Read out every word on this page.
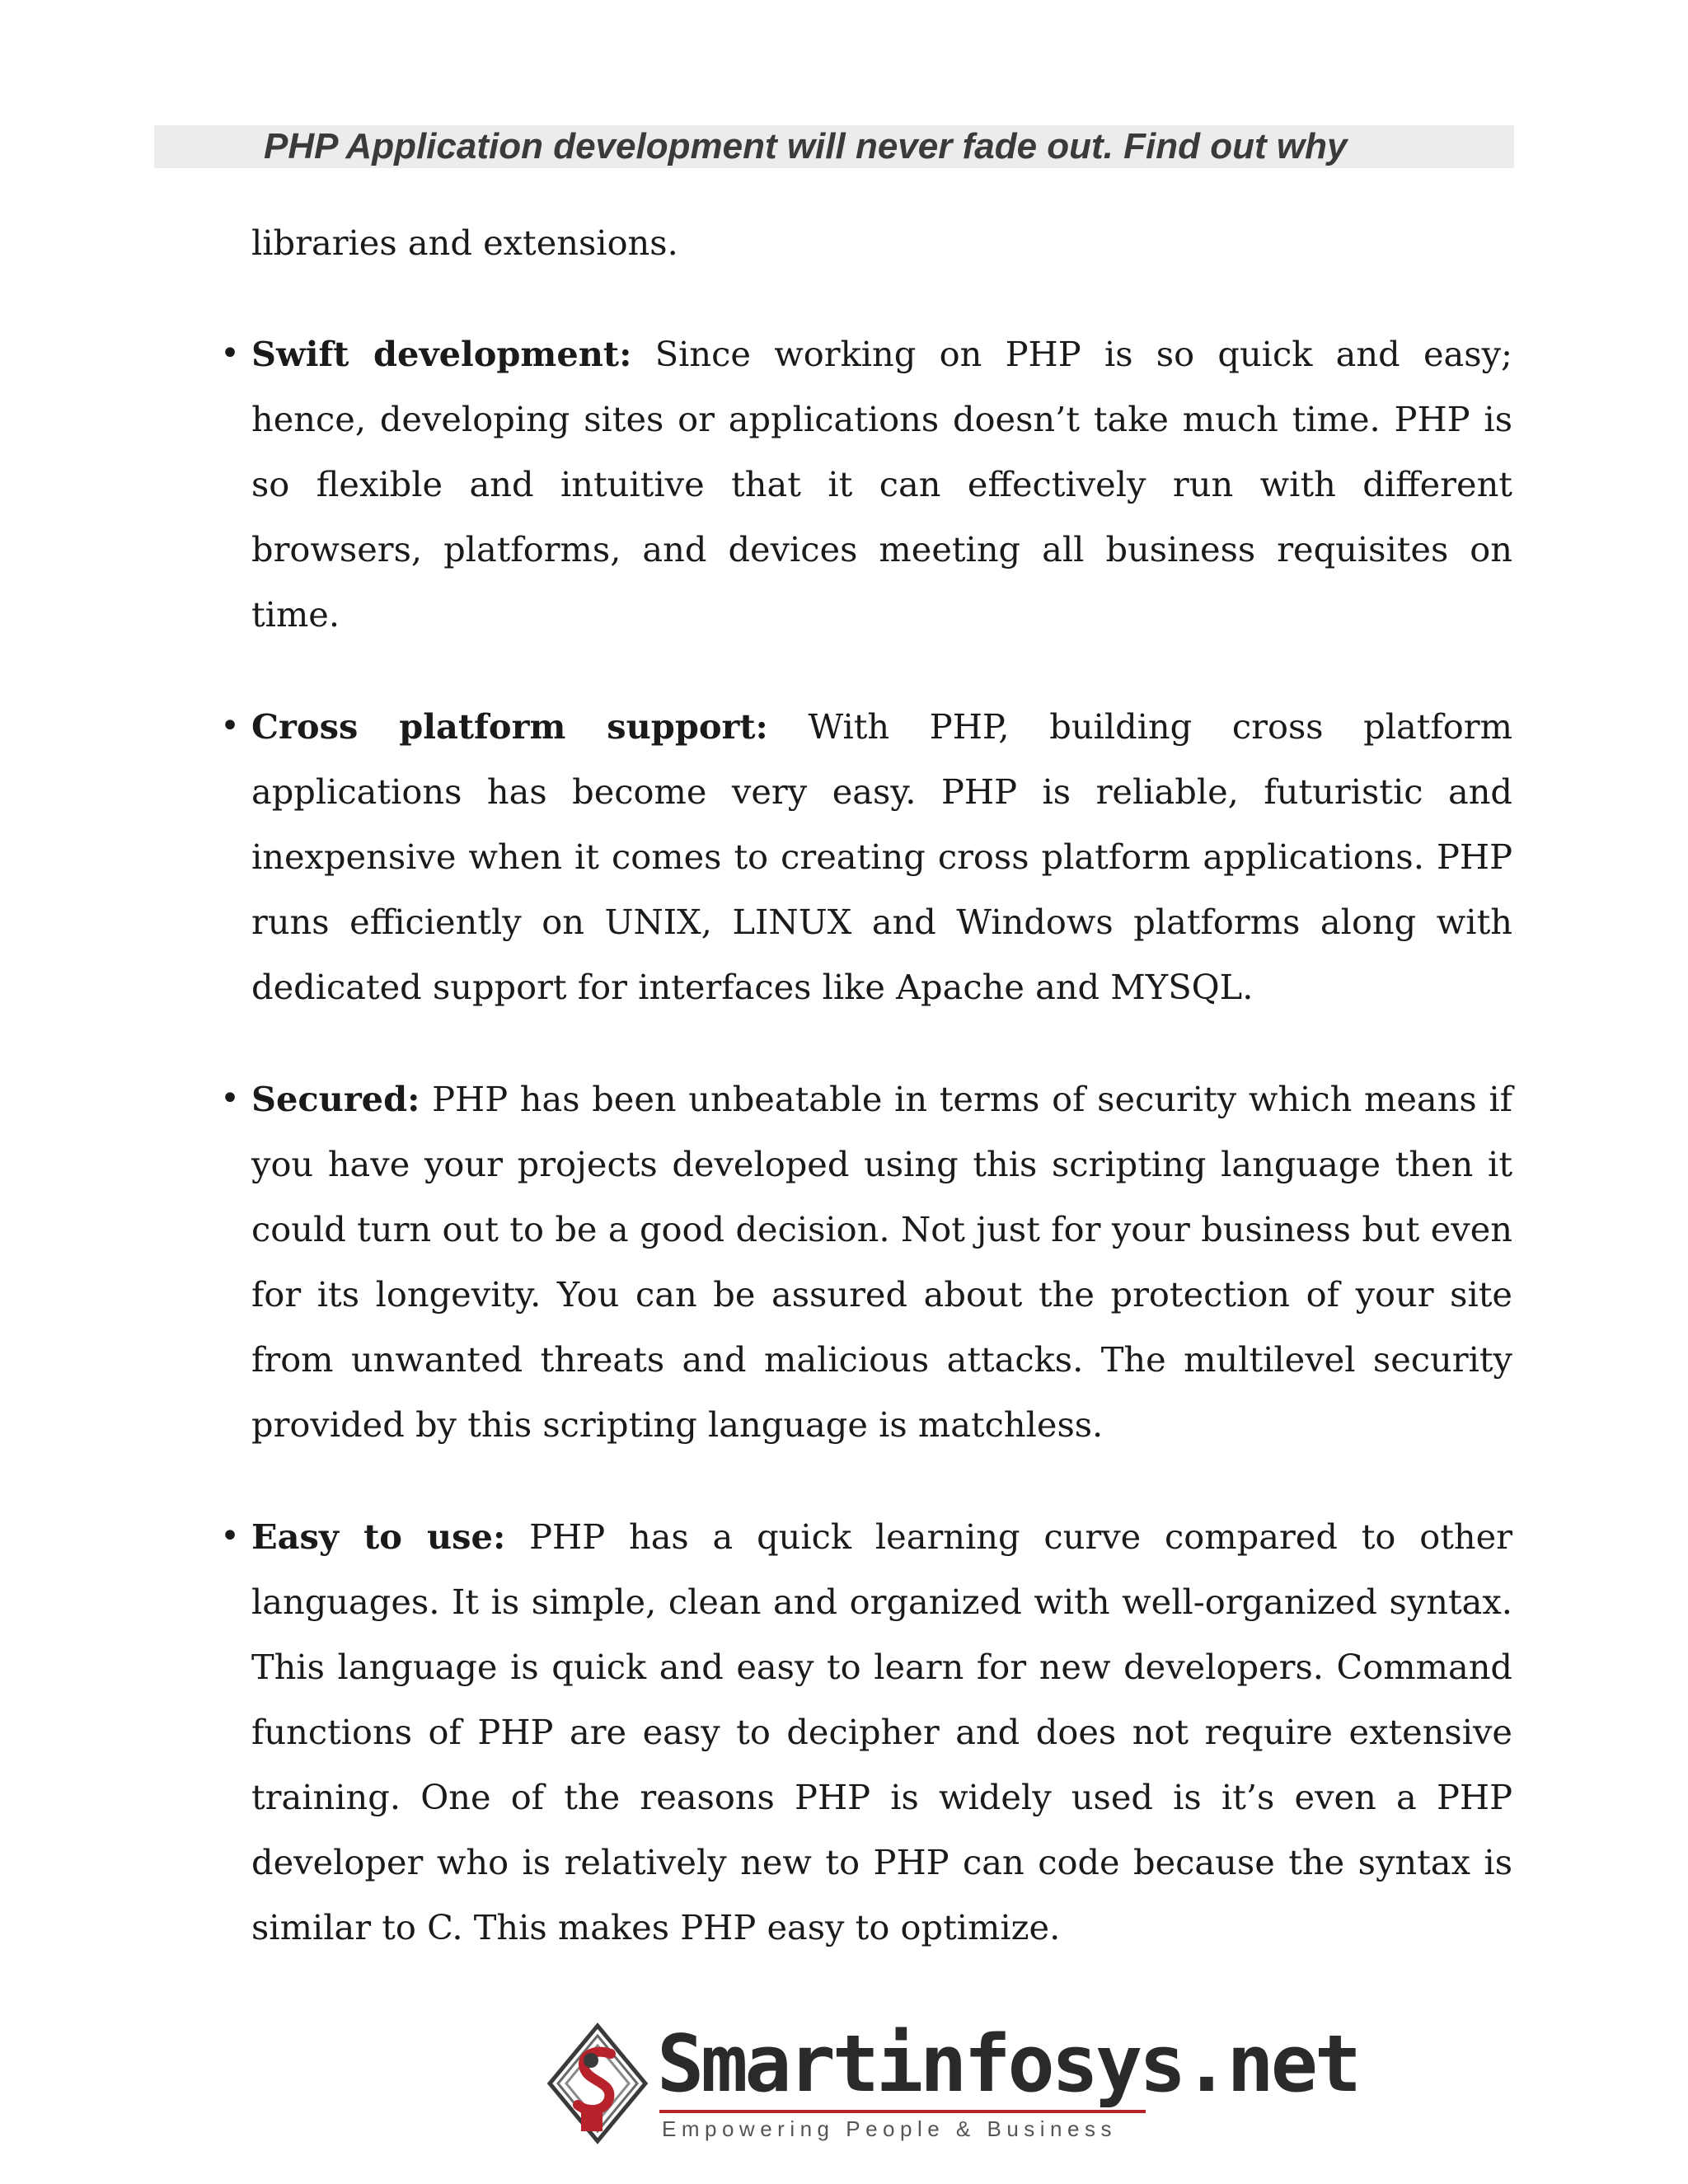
PHP Application development will never fade out. Find out why

libraries and extensions.

• Swift development: Since working on PHP is so quick and easy; hence, developing sites or applications doesn’t take much time. PHP is so flexible and intuitive that it can effectively run with different browsers, platforms, and devices meeting all business requisites on time.
• Cross platform support: With PHP, building cross platform applications has become very easy. PHP is reliable, futuristic and inexpensive when it comes to creating cross platform applications. PHP runs efficiently on UNIX, LINUX and Windows platforms along with dedicated support for interfaces like Apache and MYSQL.
• Secured: PHP has been unbeatable in terms of security which means if you have your projects developed using this scripting language then it could turn out to be a good decision. Not just for your business but even for its longevity. You can be assured about the protection of your site from unwanted threats and malicious attacks. The multilevel security provided by this scripting language is matchless.
• Easy to use: PHP has a quick learning curve compared to other languages. It is simple, clean and organized with well-organized syntax. This language is quick and easy to learn for new developers. Command functions of PHP are easy to decipher and does not require extensive training. One of the reasons PHP is widely used is it’s even a PHP developer who is relatively new to PHP can code because the syntax is similar to C. This makes PHP easy to optimize.
Smartinfosys.net
Empowering People & Business
